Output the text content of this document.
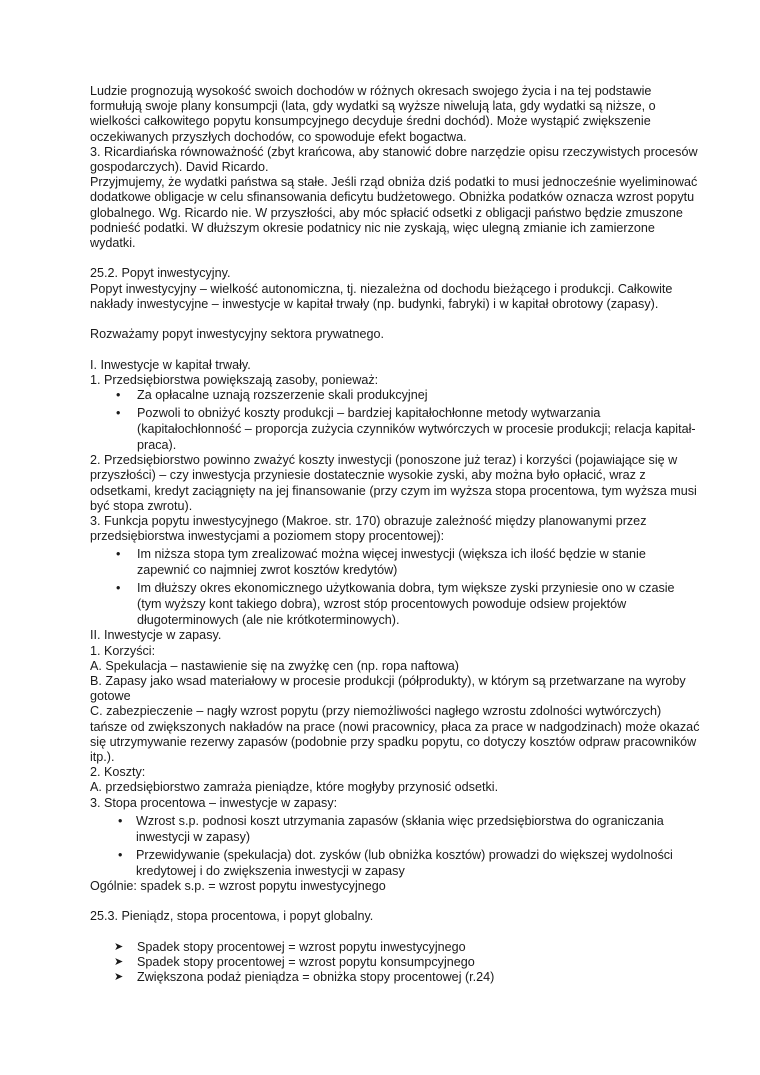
Ludzie prognozują wysokość swoich dochodów w różnych okresach swojego życia i na tej podstawie formułują swoje plany konsumpcji (lata, gdy wydatki są wyższe niwelują lata, gdy wydatki są niższe, o wielkości całkowitego popytu konsumpcyjnego decyduje średni dochód). Może wystąpić zwiększenie oczekiwanych przyszłych dochodów, co spowoduje efekt bogactwa.

3. Ricardiańska równoważność (zbyt krańcowa, aby stanowić dobre narzędzie opisu rzeczywistych procesów gospodarczych). David Ricardo.

Przyjmujemy, że wydatki państwa są stałe. Jeśli rząd obniża dziś podatki to musi jednocześnie wyeliminować dodatkowe obligacje w celu sfinansowania deficytu budżetowego. Obniżka podatków oznacza wzrost popytu globalnego. Wg. Ricardo nie. W przyszłości, aby móc spłacić odsetki z obligacji państwo będzie zmuszone podnieść podatki. W dłuższym okresie podatnicy nic nie zyskają, więc ulegną zmianie ich zamierzone wydatki.

25.2. Popyt inwestycyjny.

Popyt inwestycyjny – wielkość autonomiczna, tj. niezależna od dochodu bieżącego i produkcji. Całkowite nakłady inwestycyjne – inwestycje w kapitał trwały (np. budynki, fabryki) i w kapitał obrotowy (zapasy).

Rozważamy popyt inwestycyjny sektora prywatnego.

I. Inwestycje w kapitał trwały.

1. Przedsiębiorstwa powiększają zasoby, ponieważ:

• Za opłacalne uznają rozszerzenie skali produkcyjnej
• Pozwoli to obniżyć koszty produkcji – bardziej kapitałochłonne metody wytwarzania (kapitałochłonność – proporcja zużycia czynników wytwórczych w procesie produkcji; relacja kapitał-praca).

2. Przedsiębiorstwo powinno zważyć koszty inwestycji (ponoszone już teraz) i korzyści (pojawiające się w przyszłości) – czy inwestycja przyniesie dostatecznie wysokie zyski, aby można było opłacić, wraz z odsetkami, kredyt zaciągnięty na jej finansowanie (przy czym im wyższa stopa procentowa, tym wyższa musi być stopa zwrotu).

3. Funkcja popytu inwestycyjnego (Makroe. str. 170) obrazuje zależność między planowanymi przez przedsiębiorstwa inwestycjami a poziomem stopy procentowej):

• Im niższa stopa tym zrealizować można więcej inwestycji (większa ich ilość będzie w stanie zapewnić co najmniej zwrot kosztów kredytów)
• Im dłuższy okres ekonomicznego użytkowania dobra, tym większe zyski przyniesie ono w czasie (tym wyższy kont takiego dobra), wzrost stóp procentowych powoduje odsiew projektów długoterminowych (ale nie krótkoterminowych).

II. Inwestycje w zapasy.

1. Korzyści:

A. Spekulacja – nastawienie się na zwyżkę cen (np. ropa naftowa)

B. Zapasy jako wsad materiałowy w procesie produkcji (półprodukty), w którym są przetwarzane na wyroby gotowe

C. zabezpieczenie – nagły wzrost popytu (przy niemożliwości nagłego wzrostu zdolności wytwórczych) tańsze od zwiększonych nakładów na prace (nowi pracownicy, płaca za prace w nadgodzinach) może okazać się utrzymywanie rezerwy zapasów (podobnie przy spadku popytu, co dotyczy kosztów odpraw pracowników itp.).

2. Koszty:

A. przedsiębiorstwo zamraża pieniądze, które mogłyby przynosić odsetki.

3. Stopa procentowa – inwestycje w zapasy:

• Wzrost s.p. podnosi koszt utrzymania zapasów (skłania więc przedsiębiorstwa do ograniczania inwestycji w zapasy)
• Przewidywanie (spekulacja) dot. zysków (lub obniżka kosztów) prowadzi do większej wydolności kredytowej i do zwiększenia inwestycji w zapasy

Ogólnie: spadek s.p. = wzrost popytu inwestycyjnego

25.3. Pieniądz, stopa procentowa, i popyt globalny.

➤ Spadek stopy procentowej = wzrost popytu inwestycyjnego
➤ Spadek stopy procentowej = wzrost popytu konsumpcyjnego
➤ Zwiększona podaż pieniądza = obniżka stopy procentowej (r.24)
